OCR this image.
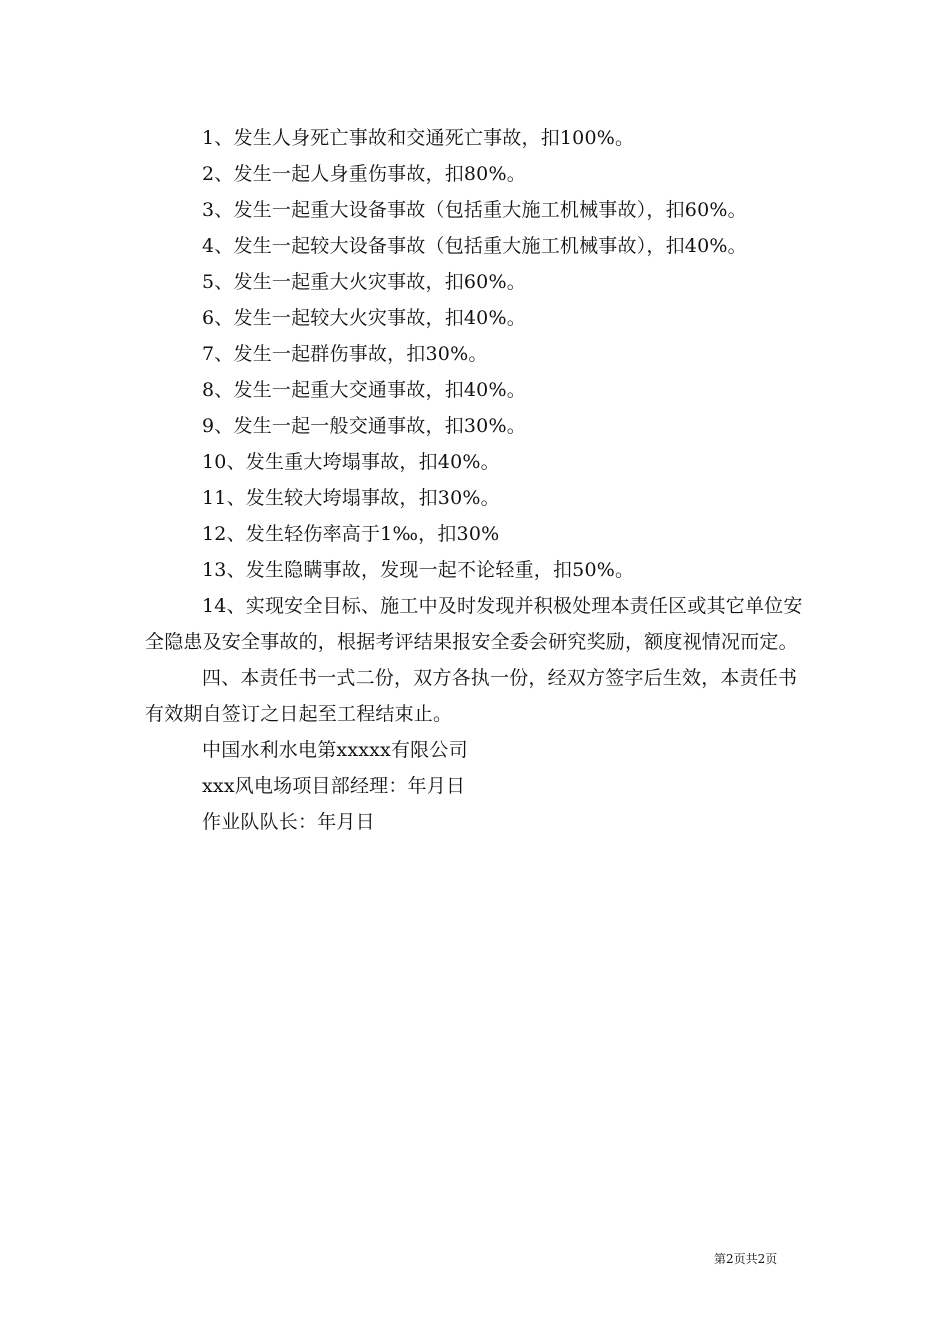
1、发生人身死亡事故和交通死亡事故，扣100%。

2、发生一起人身重伤事故，扣80%。

3、发生一起重大设备事故（包括重大施工机械事故），扣60%。

4、发生一起较大设备事故（包括重大施工机械事故），扣40%。

5、发生一起重大火灾事故，扣60%。

6、发生一起较大火灾事故，扣40%。

7、发生一起群伤事故，扣30%。

8、发生一起重大交通事故，扣40%。

9、发生一起一般交通事故，扣30%。

10、发生重大垮塌事故，扣40%。

11、发生较大垮塌事故，扣30%。

12、发生轻伤率高于1‰，扣30%

13、发生隐瞒事故，发现一起不论轻重，扣50%。

14、实现安全目标、施工中及时发现并积极处理本责任区或其它单位安全隐患及安全事故的，根据考评结果报安全委会研究奖励，额度视情况而定。

四、本责任书一式二份，双方各执一份，经双方签字后生效，本责任书有效期自签订之日起至工程结束止。

中国水利水电第xxxxx有限公司

xxx风电场项目部经理：年月日

作业队队长：年月日

第2页共2页
